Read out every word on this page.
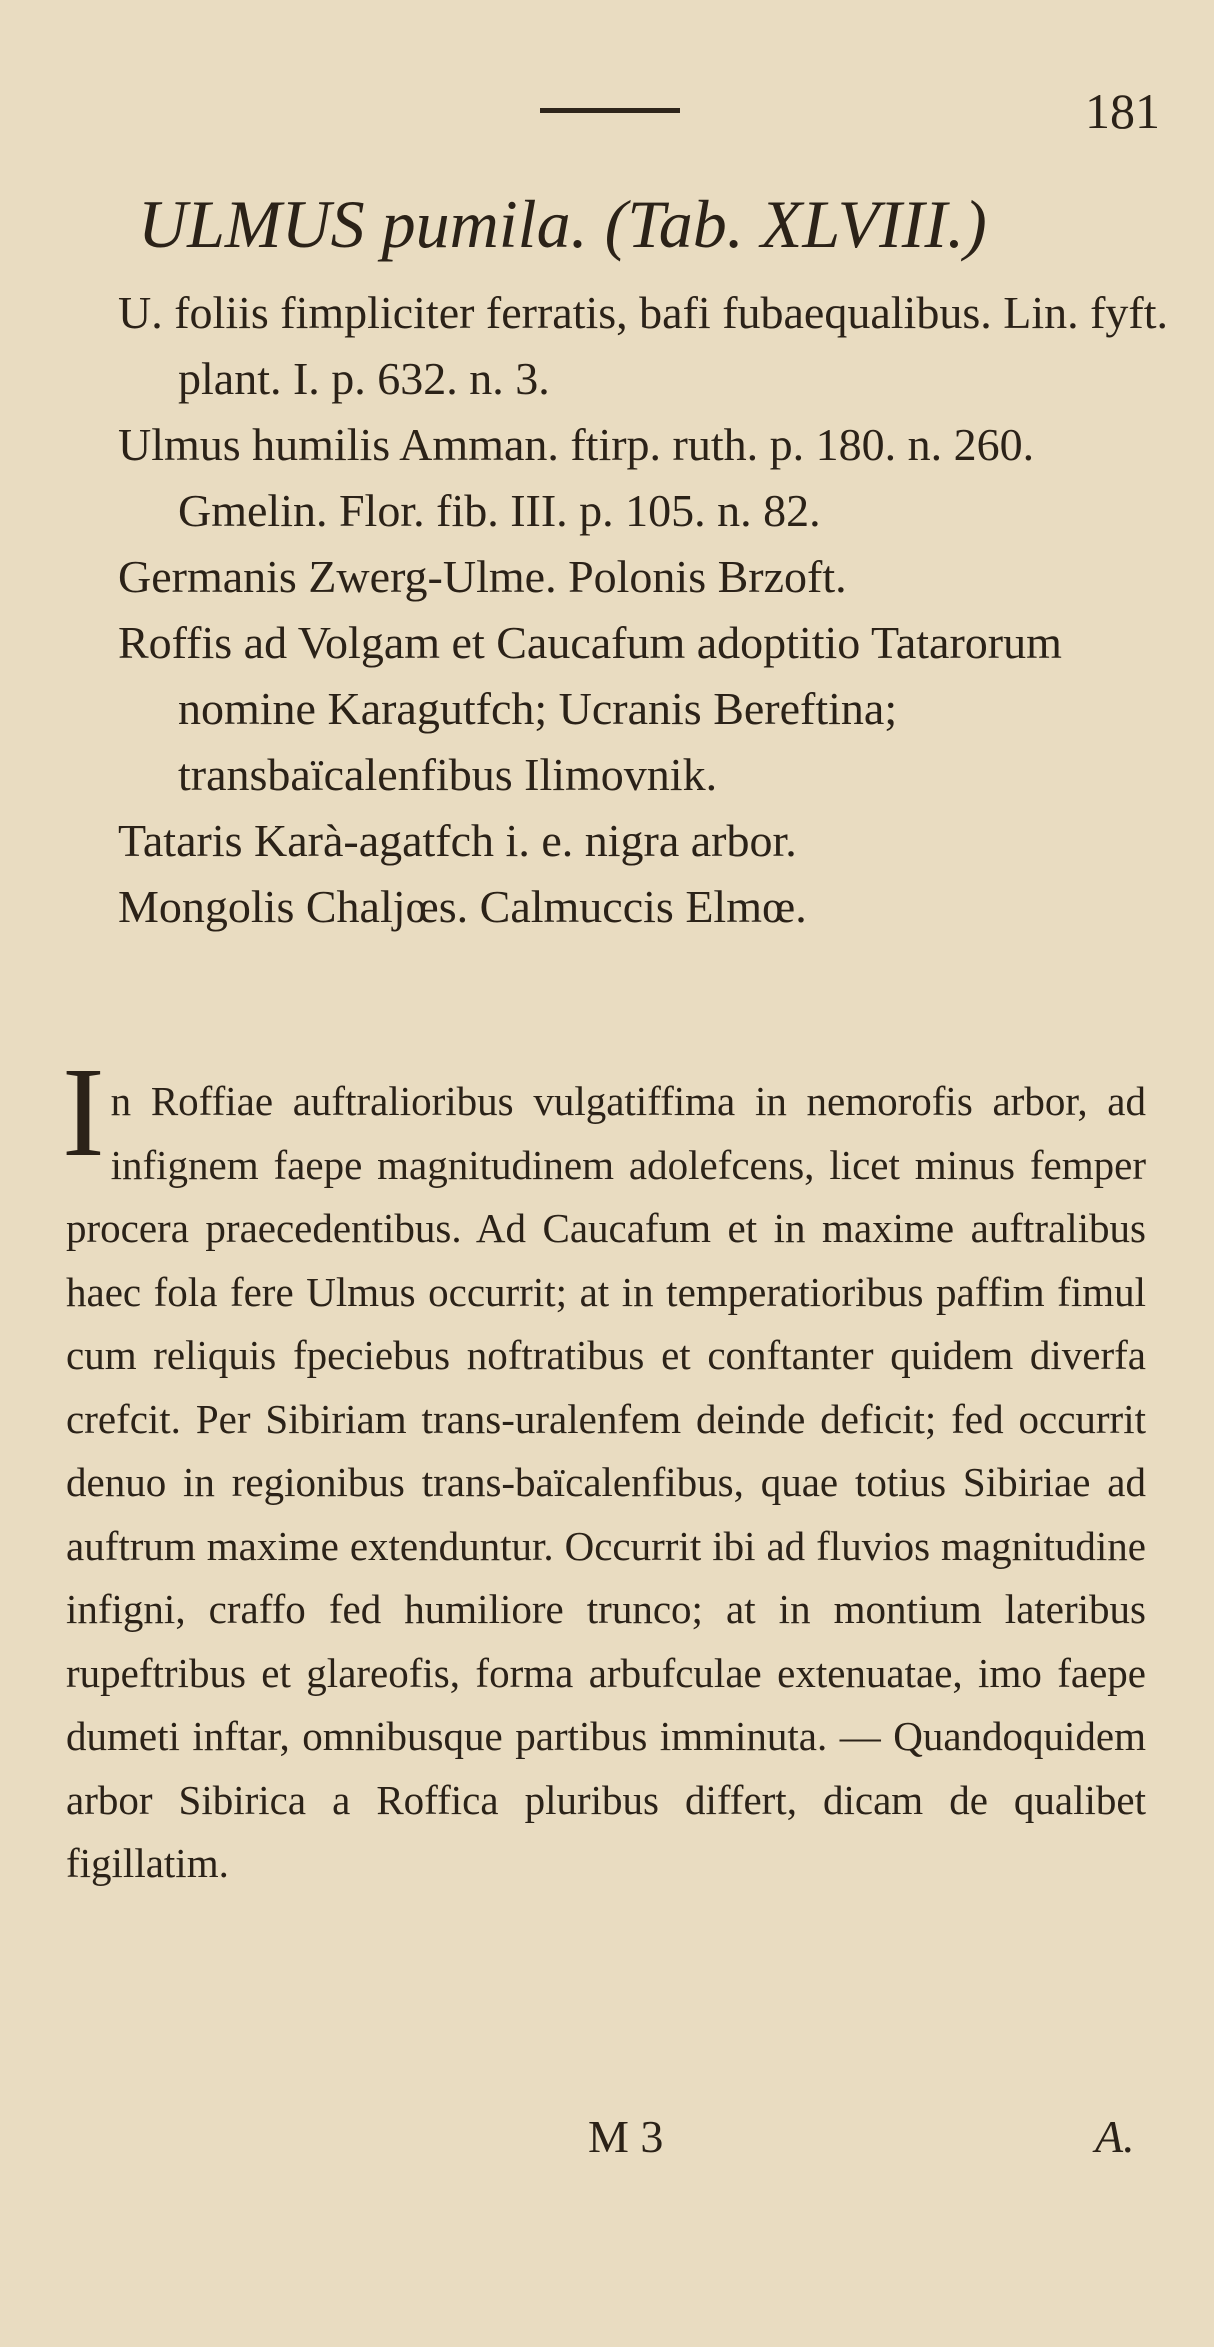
181
ULMUS pumila. (Tab. XLVIII.)

U. foliis fimpliciter ferratis, bafi fubaequalibus. Lin. fyft. plant. I. p. 632. n. 3.

Ulmus humilis Amman. ftirp. ruth. p. 180. n. 260. Gmelin. Flor. fib. III. p. 105. n. 82.

Germanis Zwerg-Ulme. Polonis Brzoft.

Roffis ad Volgam et Caucafum adoptitio Tatarorum nomine Karagutfch; Ucranis Bereftina; transbaïcalenfibus Ilimovnik.

Tataris Karà-agatfch i. e. nigra arbor.

Mongolis Chaljœs. Calmuccis Elmœ.

I n Roffiae auftralioribus vulgatiffima in nemorofis arbor, ad infignem faepe magnitudinem adolefcens, licet minus femper procera praecedentibus. Ad Caucafum et in maxime auftralibus haec fola fere Ulmus occurrit; at in temperatioribus paffim fimul cum reliquis fpeciebus noftratibus et conftanter quidem diverfa crefcit. Per Sibiriam trans-uralenfem deinde deficit; fed occurrit denuo in regionibus trans-baïcalenfibus, quae totius Sibiriae ad auftrum maxime extenduntur. Occurrit ibi ad fluvios magnitudine infigni, craffo fed humiliore trunco; at in montium lateribus rupeftribus et glareofis, forma arbufculae extenuatae, imo faepe dumeti inftar, omnibusque partibus imminuta. — Quandoquidem arbor Sibirica a Roffica pluribus differt, dicam de qualibet figillatim.

M 3	A.
